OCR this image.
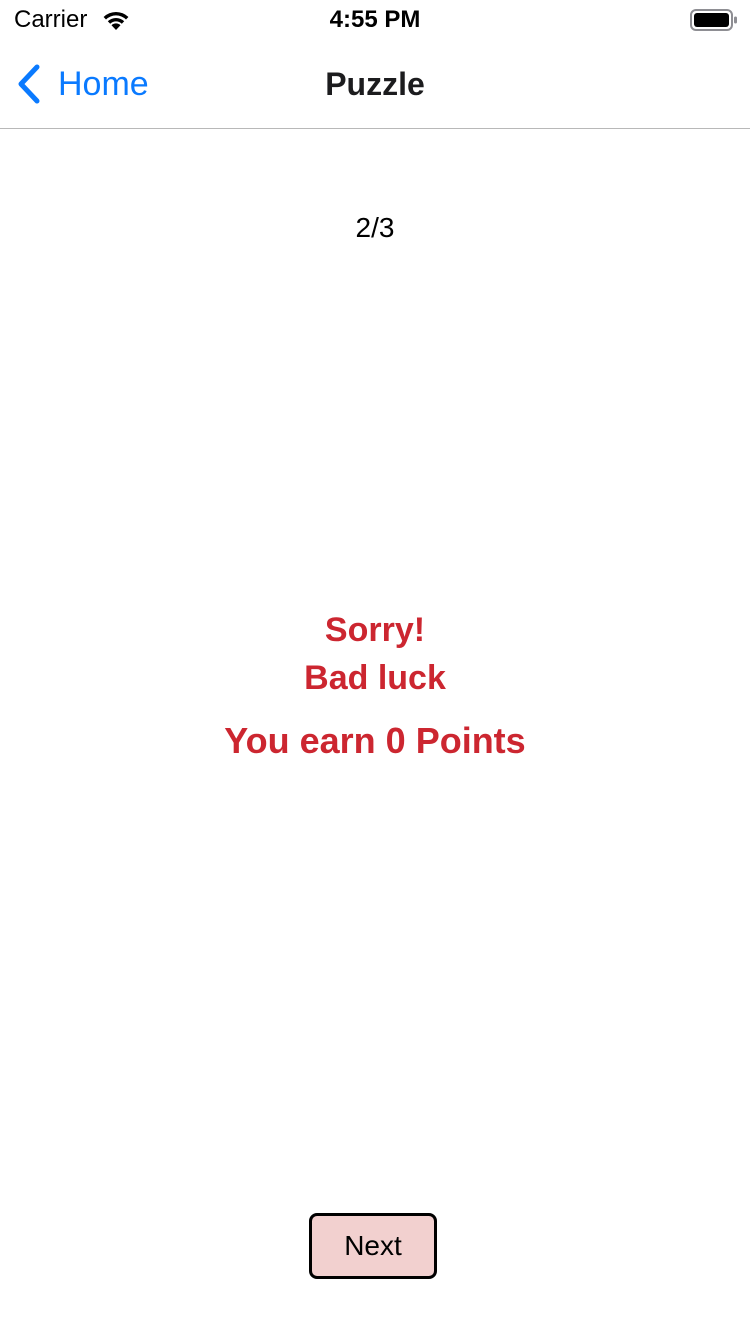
Carrier	4:55 PM
Home	Puzzle
2/3
Sorry!
Bad luck
You earn 0 Points
Next
